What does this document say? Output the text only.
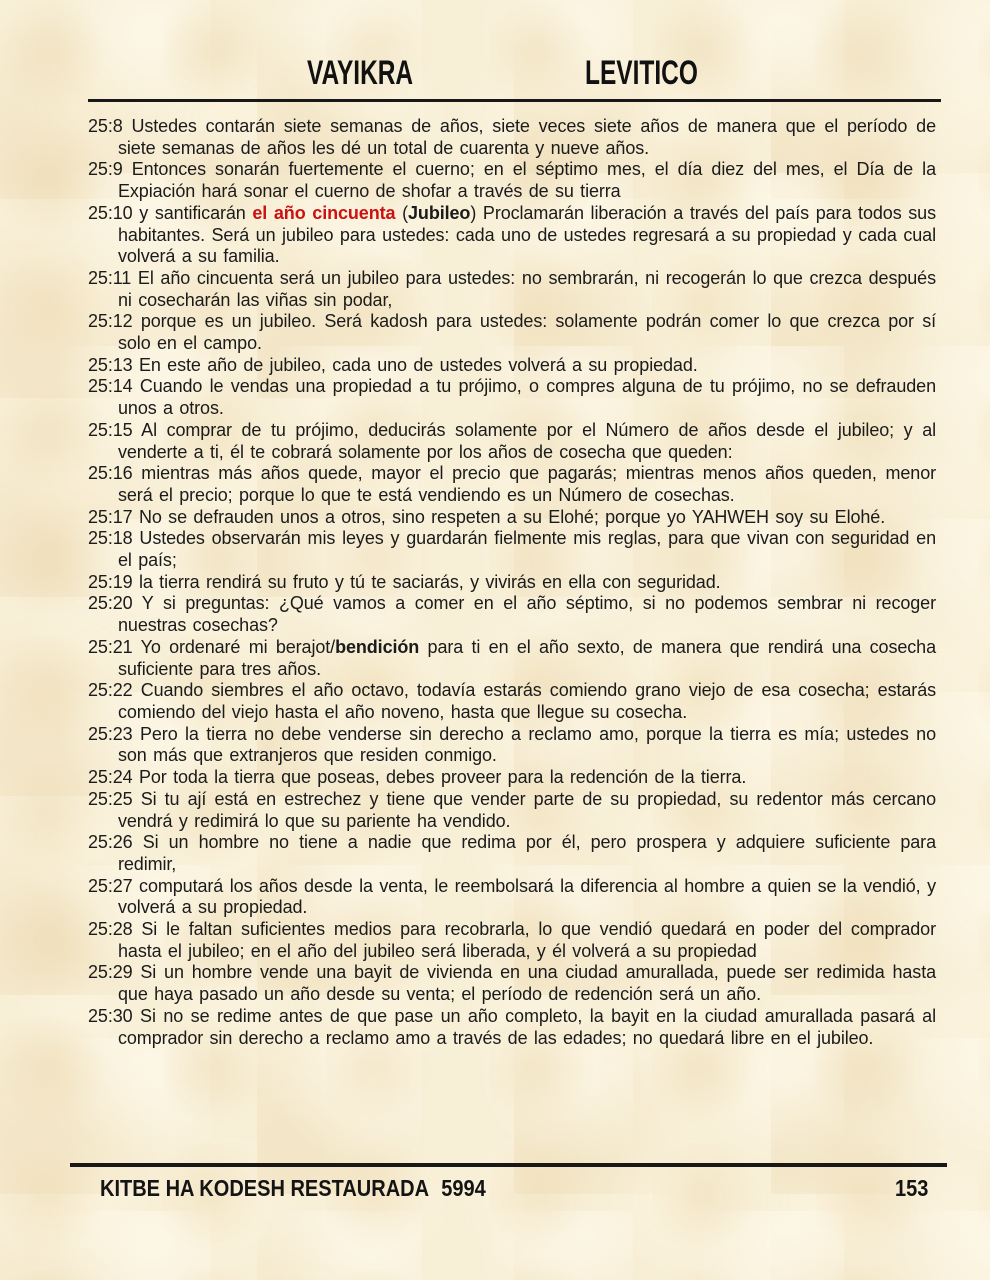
VAYIKRA	LEVITICO

25:8 Ustedes contarán siete semanas de años, siete veces siete años de manera que el período de siete semanas de años les dé un total de cuarenta y nueve años.

25:9 Entonces sonarán fuertemente el cuerno; en el séptimo mes, el día diez del mes, el Día de la Expiación hará sonar el cuerno de shofar a través de su tierra

25:10 y santificarán el año cincuenta (Jubileo) Proclamarán liberación a través del país para todos sus habitantes. Será un jubileo para ustedes: cada uno de ustedes regresará a su propiedad y cada cual volverá a su familia.

25:11 El año cincuenta será un jubileo para ustedes: no sembrarán, ni recogerán lo que crezca después ni cosecharán las viñas sin podar,

25:12 porque es un jubileo. Será kadosh para ustedes: solamente podrán comer lo que crezca por sí solo en el campo.

25:13 En este año de jubileo, cada uno de ustedes volverá a su propiedad.

25:14 Cuando le vendas una propiedad a tu prójimo, o compres alguna de tu prójimo, no se defrauden unos a otros.

25:15 Al comprar de tu prójimo, deducirás solamente por el Número de años desde el jubileo; y al venderte a ti, él te cobrará solamente por los años de cosecha que queden:

25:16 mientras más años quede, mayor el precio que pagarás; mientras menos años queden, menor será el precio; porque lo que te está vendiendo es un Número de cosechas.

25:17 No se defrauden unos a otros, sino respeten a su Elohé; porque yo YAHWEH soy su Elohé.

25:18 Ustedes observarán mis leyes y guardarán fielmente mis reglas, para que vivan con seguridad en el país;

25:19 la tierra rendirá su fruto y tú te saciarás, y vivirás en ella con seguridad.

25:20 Y si preguntas: ¿Qué vamos a comer en el año séptimo, si no podemos sembrar ni recoger nuestras cosechas?

25:21 Yo ordenaré mi berajot/bendición para ti en el año sexto, de manera que rendirá una cosecha suficiente para tres años.

25:22 Cuando siembres el año octavo, todavía estarás comiendo grano viejo de esa cosecha; estarás comiendo del viejo hasta el año noveno, hasta que llegue su cosecha.

25:23 Pero la tierra no debe venderse sin derecho a reclamo amo, porque la tierra es mía; ustedes no son más que extranjeros que residen conmigo.

25:24 Por toda la tierra que poseas, debes proveer para la redención de la tierra.

25:25 Si tu ají está en estrechez y tiene que vender parte de su propiedad, su redentor más cercano vendrá y redimirá lo que su pariente ha vendido.

25:26 Si un hombre no tiene a nadie que redima por él, pero prospera y adquiere suficiente para redimir,

25:27 computará los años desde la venta, le reembolsará la diferencia al hombre a quien se la vendió, y volverá a su propiedad.

25:28 Si le faltan suficientes medios para recobrarla, lo que vendió quedará en poder del comprador hasta el jubileo; en el año del jubileo será liberada, y él volverá a su propiedad

25:29 Si un hombre vende una bayit de vivienda en una ciudad amurallada, puede ser redimida hasta que haya pasado un año desde su venta; el período de redención será un año.

25:30 Si no se redime antes de que pase un año completo, la bayit en la ciudad amurallada pasará al comprador sin derecho a reclamo amo a través de las edades; no quedará libre en el jubileo.

KITBE HA KODESH RESTAURADA 5994	153
